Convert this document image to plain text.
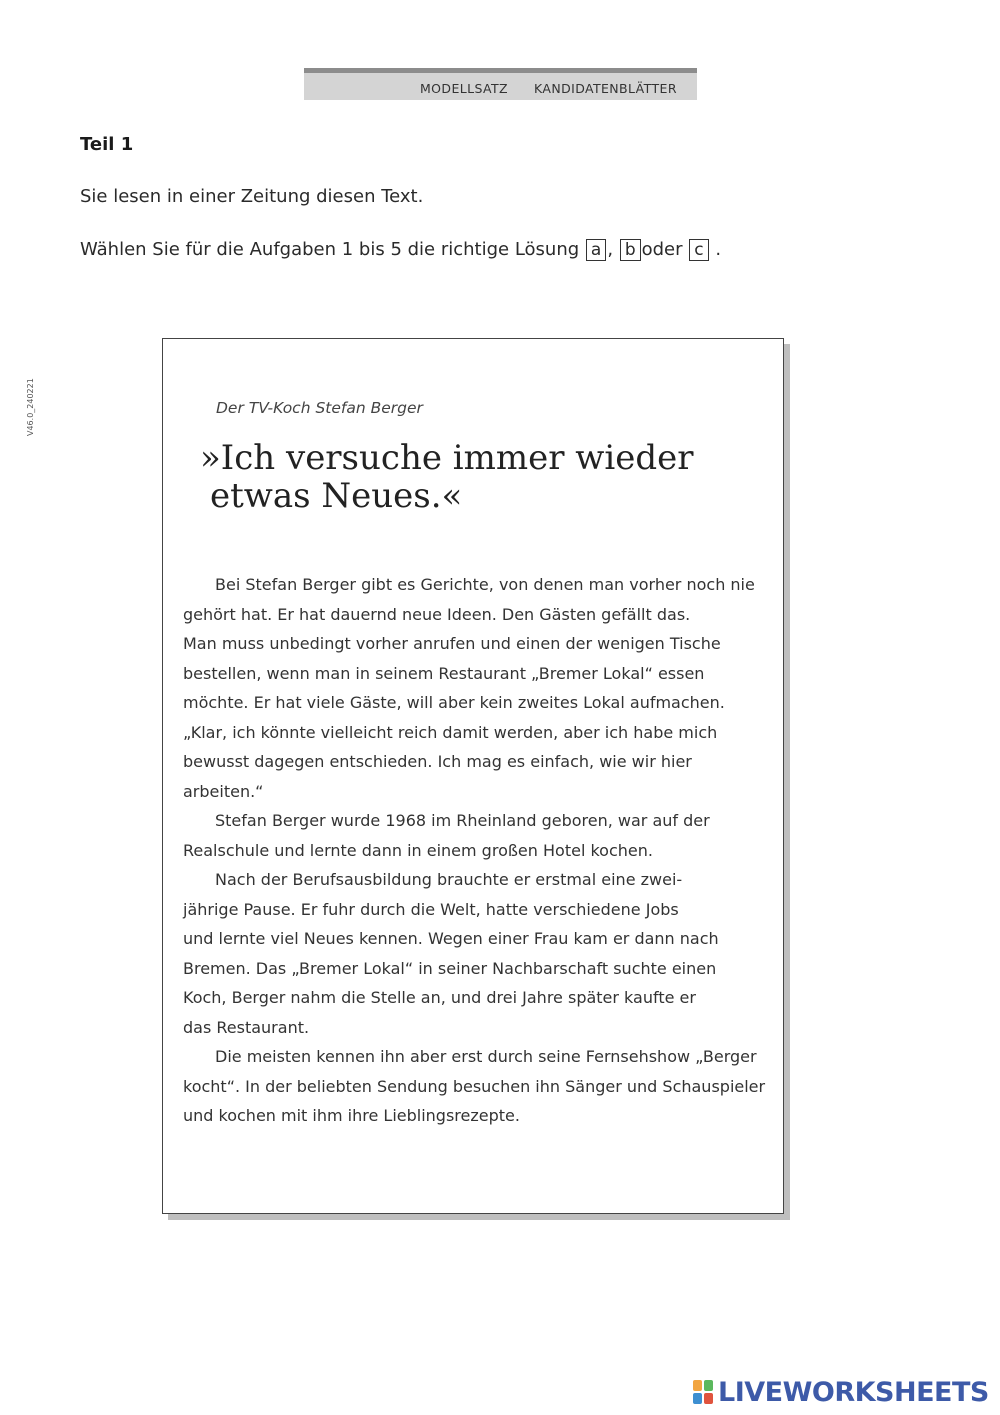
MODELLSATZ KANDIDATENBLÄTTER
V46.0_240221
Teil 1
Sie lesen in einer Zeitung diesen Text.
Wählen Sie für die Aufgaben 1 bis 5 die richtige Lösung a , b oder c .
Der TV-Koch Stefan Berger
»Ich versuche immer wieder
etwas Neues.«
Bei Stefan Berger gibt es Gerichte, von denen man vorher noch nie
gehört hat. Er hat dauernd neue Ideen. Den Gästen gefällt das.
Man muss unbedingt vorher anrufen und einen der wenigen Tische
bestellen, wenn man in seinem Restaurant „Bremer Lokal“ essen
möchte. Er hat viele Gäste, will aber kein zweites Lokal aufmachen.
„Klar, ich könnte vielleicht reich damit werden, aber ich habe mich
bewusst dagegen entschieden. Ich mag es einfach, wie wir hier
arbeiten.“
Stefan Berger wurde 1968 im Rheinland geboren, war auf der
Realschule und lernte dann in einem großen Hotel kochen.
Nach der Berufsausbildung brauchte er erstmal eine zwei-
jährige Pause. Er fuhr durch die Welt, hatte verschiedene Jobs
und lernte viel Neues kennen. Wegen einer Frau kam er dann nach
Bremen. Das „Bremer Lokal“ in seiner Nachbarschaft suchte einen
Koch, Berger nahm die Stelle an, und drei Jahre später kaufte er
das Restaurant.
Die meisten kennen ihn aber erst durch seine Fernsehshow „Berger
kocht“. In der beliebten Sendung besuchen ihn Sänger und Schauspieler
und kochen mit ihm ihre Lieblingsrezepte.
LIVEWORKSHEETS
